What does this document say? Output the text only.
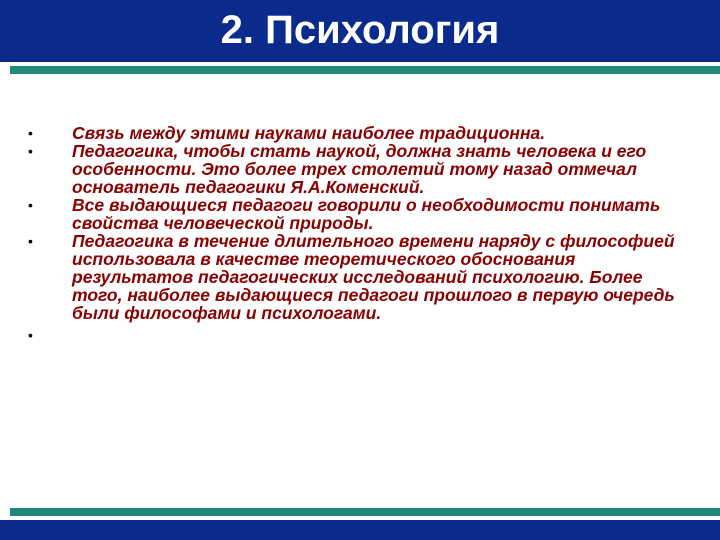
2. Психология
• Связь между этими науками наиболее традиционна.
• Педагогика, чтобы стать наукой, должна знать человека и его особенности. Это более трех столетий тому назад отмечал основатель педагогики Я.А.Коменский.
• Все выдающиеся педагоги говорили о необходимости понимать свойства человеческой природы.
• Педагогика в течение длительного времени наряду с философией использовала в качестве теоретического обоснования результатов педагогических исследований психологию. Более того, наиболее выдающиеся педагоги прошлого в первую очередь были философами и психологами.
•
